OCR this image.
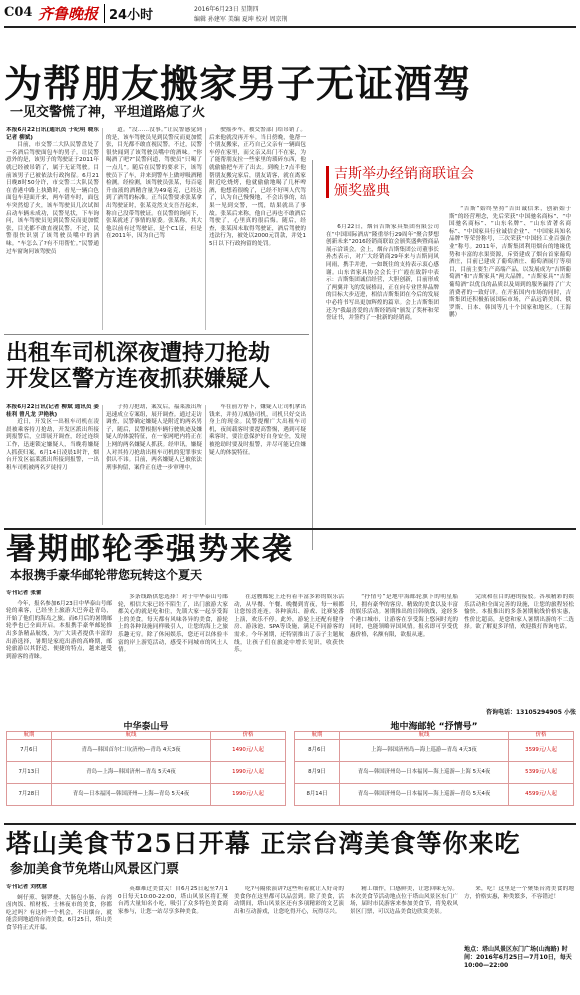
C04 齐鲁晚报 24小时	2016年6月23日 星期四
编辑 孙建军 美编 夏坤 校对 周京荆
为帮朋友搬家男子无证酒驾
一见交警慌了神，平坦道路熄了火
本报6月22日讯(通讯员 于纪明 晓东 记者 柳斌)

目前，市交警二大队民警盘处了一名酒后驾驶面包车的男子。让民警意外的是，该男子的驾驶证于2011年就已经被吊销了，属于无证驾驶。目前该男子已被依法行政拘留。6月21日晚8时50分许，市交警二大队民警在香港中路上执勤时，看见一辆白色面包车迎面开来，两车错车时，面包车突然熄了火，该车驾驶员几次试图启动车辆未成功，民警见状，下车询问，该车驾驶员见到民警反而更加慌张，目光都不敢直视民警。不过，民警很快识别了该驾驶员嘴中的酒味。“车怎么了?有不用帮忙。”民警通过车窗询问该驾驶员

道。“没……没事。”让民警感觉到的是，该车驾驶员见到民警反而更加慌张，目光都不敢直视民警。不过，民警很快闻到了该驾驶员嘴中的酒味。“你喝酒了吧?”民警问道，驾驶员“只喝了一点儿”。随后在民警的要求下，该驾驶员下了车，并来到警车上做呼吸酒精检测。经检测，该驾驶员张某，每百毫升血液的酒精含量为49毫克，已经达到了酒驾的标准。正当民警要求张某拿出驾驶证时，张某竟然支支吾吾起来，称自己没带驾驶证。在民警的询问下，张某就述了事情的原委。张某称，其大他以前有过驾驶证，是个C1证，但是在2011年，因为自己驾

驶摇步车，被交警部门给吊销了。后来他就没再开车。当日傍晚，他帮一个朋友搬家，正巧自己父亲有一辆面包车停在家里，而父亲又出门不在家，为了能帮朋友拉一些家里的琐碎东西，他就偷偷把车开了出去。到晚上7点半他帮朋友搬完家后，朋友请客，就在离家附近吃烧烤，他就偷偷地喝了几杯啤酒，他想着很晚了，已经不好叫人代驾了，认为自己慢慢地，不会出事的，结果一见到交警，一慌，结果就出了事故。张某后来称，他自己再也不敢酒后驾驶了，心里真的很后悔。随后，经查，张某因未取得驾驶证，酒后驾驶的违法行为，被处以2000元罚款，并处15日以下行政拘留的处罚。

吉斯举办经销商联谊会颁奖盛典

6月22日，烟台吉斯家具集团有限公司在“中国国际酒店”隆重举行29周年“聚合梦想 创新未来”2016经销商联谊会颁奖盛典暨商品展示洽谈会。会上，烟台吉斯集团公司董事长孙杰表示，对广大经销商29年来与吉斯同风同雨，携手并进，一如既往的支持表示衷心感谢。山东省家具协会会长于广霞在致辞中表示：吉斯集团诚信经营，大胆创新，目前形成了两翼并飞的发展格局，正在向专业世界品牌的目标大步迈进，相信吉斯集团在今后的发展中必将书写出更加辉煌的篇章。会上吉斯集团还为“我最喜爱的吉斯经销商”颁发了奖杯和荣誉证书，并签约了一批新的经销商。

“吉斯”始终坚持“吉田诚信来，创新始于斯”的经营理念，先后荣获“中国驰名商标”、“中国驰名商标”、“山东名牌”、“山东省著名商标”、“中国家具行业诚信企业”、“中国家具知名品牌”等荣誉称号，三次荣获“中国轻工业百强企业”称号。2011年，吉斯集团利用烟台的地缘优势和丰富的水果资源，斥资建成了烟台首家葡萄酒庄，目前已建成了葡萄酒庄、葡萄酒展厅等项目，目前主要生产高端产品，以发展成为“吉斯葡萄酒”和“吉斯家具”两大品牌。“吉斯家具”“吉斯葡萄酒”以优良的品质以及周到的服务赢得了广大消费者的一致好评。在开拓国内市场的同时，吉斯集团还积极拓展国际市场，产品远销美国、俄罗斯、日本、韩国等几十个国家和地区。（王海鹏）

出租车司机深夜遭持刀抢劫
开发区警方连夜抓获嫌疑人
本报6月22日讯(记者 柳斌 通讯员 姜桂利 曾凡龙 尹艳秋)

近日，开发区一出租车司机在凌晨被乘客持刀抢劫，开发区派出所接到报警后，立即展开调查，经过连续工作，迅速锁定嫌疑人，当晚将嫌疑人抓获归案。6月14日凌晨1时许，烟台开发区福莱派出所接到报警，一出租车司机被两名歹徒持刀

子持刀抢劫，案发后，福莱派出所迅速成立专案组，展开调查。通过走访调查，民警确定嫌疑人是附近的两名男子，随后，民警根据车辆行驶轨迹及嫌疑人的体貌特征，在一家网吧内将正在上网的两名嫌疑人抓获。经审讯，嫌疑人对其持刀抢劫出租车司机的犯罪事实供认不讳。目前，两名嫌疑人已被依法刑事拘留，案件正在进一步审理中。

车在前方停下，嫌疑人让司机拿出钱来，并持刀威胁司机，司机只好交出身上的现金。民警提醒广大出租车司机，夜间载客时要提高警惕，遇到可疑乘客时，要注意保护好自身安全，发现被抢劫时要及时报警，并尽可能记住嫌疑人的体貌特征。

暑期邮轮季强势来袭
本报携手豪华邮轮带您玩转这个夏天
专刊记者 张蕾

今年，报名参加6月23日中华泰山号邮轮的乘客，已经坐上旅游大巴奔赴青岛，开始了他们的海岛之旅。而6月后的暑期邮轮季也已全面开启。本报携手豪华邮轮推出多条精品航线，为广大读者提供丰富的出游选择，暑期是家庭出游的高峰期，邮轮旅游以其舒适、便捷的特点，越来越受到游客的青睐。

多条线路供您选择！对于中华泰山号邮轮，相信大家已经不陌生了，出门旅游大家都关心的就是吃和住，先锁大家一起享受海上的美食。每天都有风味各异的美食，游轮上的各种设施同样吸引人，让您的海上之旅乐趣无穷。除了休闲娱乐，您还可以体验丰富的岸上游览活动，感受不同城市的风土人情。

在这艘邮轮上还有着丰富多彩的娱乐活动，从早餐、午餐、晚餐到宵夜，每一顿都让您惊喜连连。各种演出、游戏、比赛轮番上演，欢乐不停。此外，游轮上还配有健身房、游泳池、SPA等设施，满足不同游客的需求。今年暑期，还特别推出了亲子主题航线，让孩子们在旅途中增长见识，收获快乐。

“抒情号”是地中海邮轮旗下的明星船只，拥有豪华的客房、精致的美食以及丰富的娱乐活动。暑期推出的日韩航线，途经多个港口城市，让游客在享受海上悠闲时光的同时，也能领略异国风情。报名即可享受优惠价格，名额有限，欲报从速。

完成和在目的港的接驳。各项精彩的娱乐活动和全面完善的设施，让您的旅程轻松愉快。本报推出的多条暑期航线价格实惠，性价比超高，是您和家人暑期出游的不二选择。欲了解更多详情，欢迎拨打咨询电话。

咨询电话：13105294905 小张
中华泰山号
航期	航线	价格
7月6日	青岛—韩国首尔仁川(济州)—青岛 4天3夜	1490元/人起
7月13日	青岛—上海—韩国济州—青岛 5天4夜	1990元/人起
7月28日	青岛—日本福冈—韩国济州—上海—青岛 5天4夜	1990元/人起
地中海邮轮 “抒情号”
航期	航线	价格
8月6日	上海—韩国济州岛—海上巡游—青岛 4天3夜	3599元/人起
8月9日	青岛—韩国济州岛—日本福冈—海上巡游—上海 5天4夜	5399元/人起
8月14日	青岛—韩国济州岛—日本福冈—海上巡游—青岛 5天4夜	4599元/人起
塔山美食节25日开幕 正宗台湾美食等你来吃
参加美食节免塔山风景区门票
专刊记者 刘枕慧

蚵仔煎、铜锣烧、大肠包小肠、台湾卤肉饭、棺材板、士林夜市的美食，你都吃过吗？有这样一个机会，不出烟台，就能尝到地道的台湾美食。6月25日，塔山美食节将正式开幕。

英雄难过美食关！自6月25日起至7月10日每天10:00-22:00，塔山风景区将汇聚台湾大量知名小吃，吸引了众多特色美食商家参与，让您一站尽享多种美食。

吃?马隔依演讲?这些听着就让人好奇的美食你在这里都可以品尝到。除了美食，活动期间，塔山风景区还有多项精彩的文艺演出和互动游戏，让您吃得开心，玩得尽兴。

精工细作，口感鲜美，让您回味无穷。本次美食节活动地点位于塔山风景区东门广场，届时市民游客来参加美食节，将免收风景区门票，可以边品美食边欣赏美景。

来，吃！这里是一个聚集台湾美食的地方，价格实惠，种类繁多，不容错过！

地点：塔山风景区东门广场(山海路) 时间：2016年6月25日—7月10日，每天10:00—22:00
